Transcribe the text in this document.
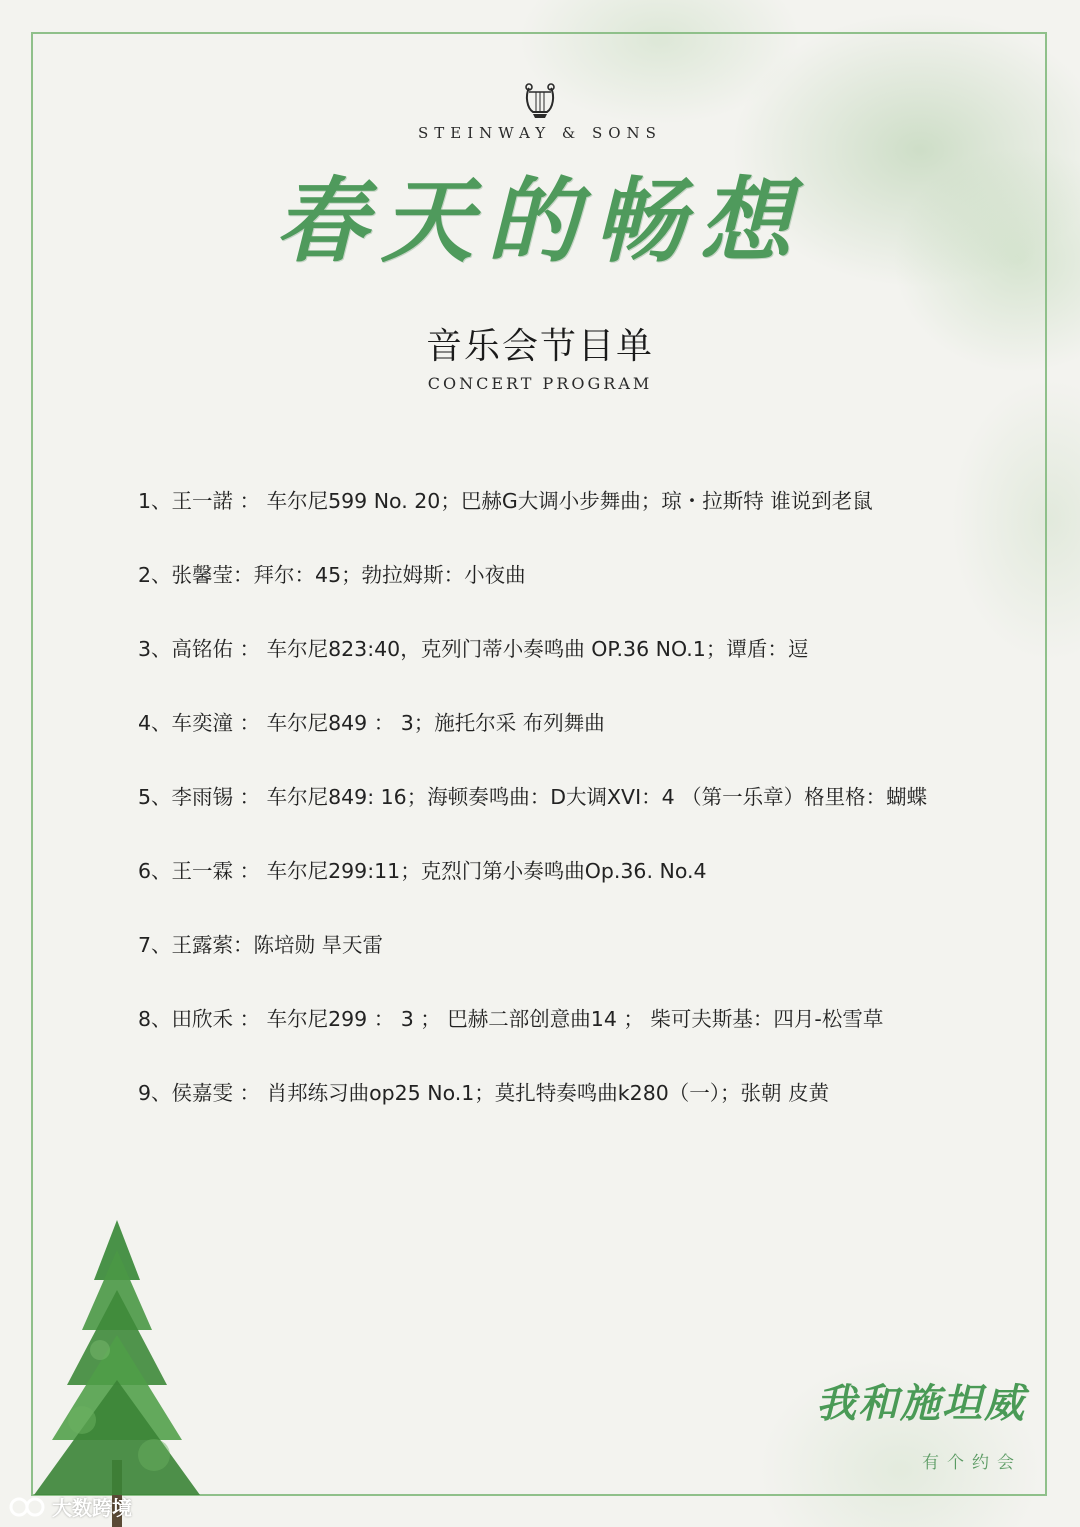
STEINWAY & SONS
春天的畅想
音乐会节目单
CONCERT PROGRAM
1、王一諾 ： 车尔尼599 No. 20；巴赫G大调小步舞曲；琼・拉斯特 谁说到老鼠
2、张馨莹：拜尔：45；勃拉姆斯：小夜曲
3、高铭佑 ： 车尔尼823:40，克列门蒂小奏鸣曲 OP.36 NO.1；谭盾：逗
4、车奕潼 ： 车尔尼849 ： 3；施托尔采 布列舞曲
5、李雨锡 ： 车尔尼849: 16；海顿奏鸣曲：D大调XVI：4 （第一乐章）格里格：蝴蝶
6、王一霖 ： 车尔尼299:11；克烈门第小奏鸣曲Op.36. No.4
7、王露萦：陈培勋 旱天雷
8、田欣禾 ： 车尔尼299 ： 3 ； 巴赫二部创意曲14 ； 柴可夫斯基：四月-松雪草
9、侯嘉雯 ： 肖邦练习曲op25 No.1；莫扎特奏鸣曲k280（一）；张朝 皮黄
我和施坦威
有个约会
大数跨境
